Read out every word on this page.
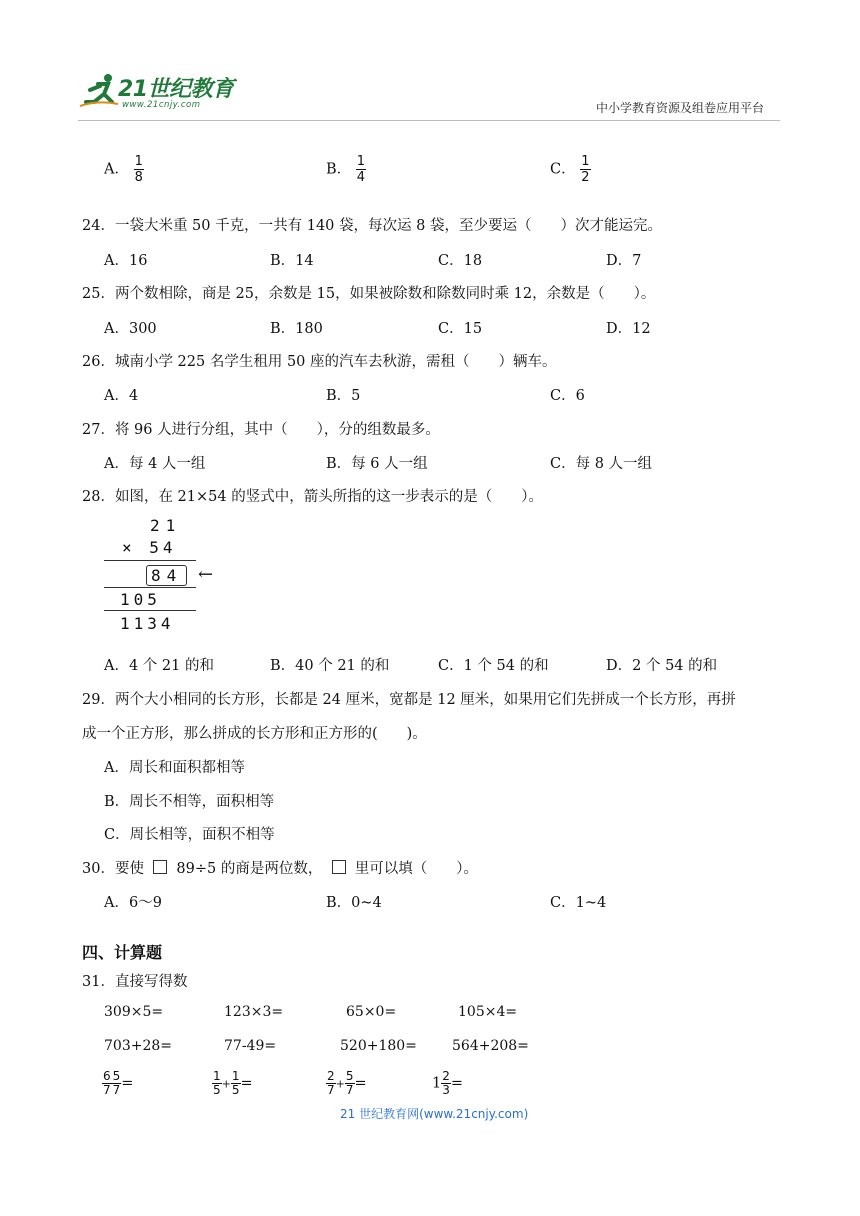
21世纪教育
www.21cnjy.com	中小学教育资源及组卷应用平台
A． $\frac{1}{8}$	B． $\frac{1}{4}$	C． $\frac{1}{2}$
24．一袋大米重 50 千克，一共有 140 袋，每次运 8 袋，至少要运（　　）次才能运完。
A．16	B．14	C．18	D．7
25．两个数相除，商是 25，余数是 15，如果被除数和除数同时乘 12，余数是（　　）。
A．300	B．180	C．15	D．12
26．城南小学 225 名学生租用 50 座的汽车去秋游，需租（　　）辆车。
A．4	B．5	C．6
27．将 96 人进行分组，其中（　　），分的组数最多。
A．每 4 人一组	B．每 6 人一组	C．每 8 人一组
28．如图，在 21×54 的竖式中，箭头所指的这一步表示的是（　　）。
21
× 54
84 ←
105
1134
A．4 个 21 的和	B．40 个 21 的和	C．1 个 54 的和	D．2 个 54 的和
29．两个大小相同的长方形，长都是 24 厘米，宽都是 12 厘米，如果用它们先拼成一个长方形，再拼
成一个正方形，那么拼成的长方形和正方形的(　　)。
A．周长和面积都相等
B．周长不相等，面积相等
C．周长相等，面积不相等
30．要使 89÷5 的商是两位数， 里可以填（　　）。
A．6～9	B．0~4	C．1~4
四、计算题
31．直接写得数
309×5=	123×3=	65×0=	105×4=
703+28=	77-49=	520+180=	564+208=
$\frac{6}{7} \frac{5}{7}$ =	$\frac{1}{5} + \frac{1}{5}$ =	$\frac{2}{7} + \frac{5}{7}$ =	$1 \frac{2}{3}$ =
21 世纪教育网(www.21cnjy.com)
